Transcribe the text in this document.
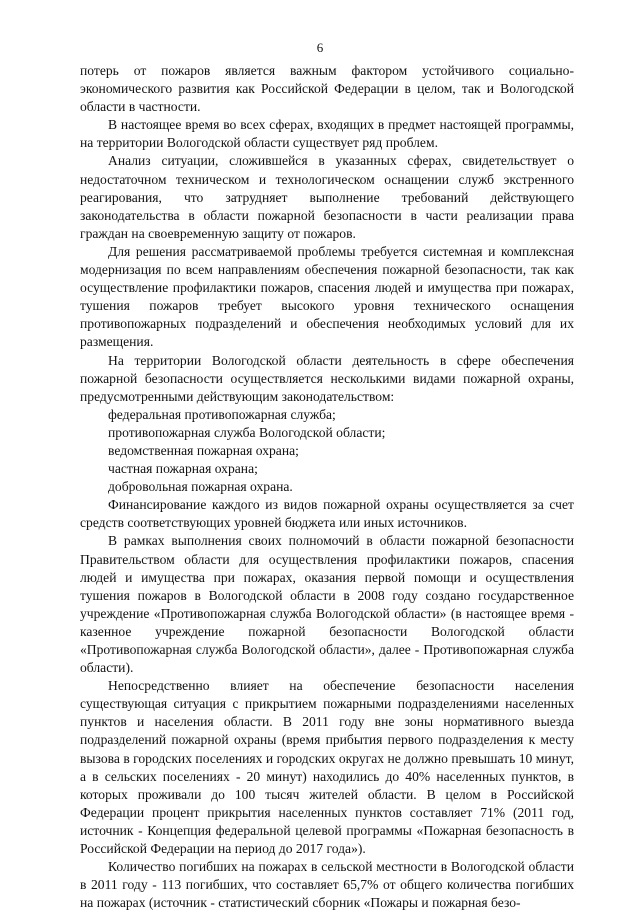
6

потерь от пожаров является важным фактором устойчивого социально-экономического развития как Российской Федерации в целом, так и Вологодской области в частности.

В настоящее время во всех сферах, входящих в предмет настоящей программы, на территории Вологодской области существует ряд проблем.

Анализ ситуации, сложившейся в указанных сферах, свидетельствует о недостаточном техническом и технологическом оснащении служб экстренного реагирования, что затрудняет выполнение требований действующего законодательства в области пожарной безопасности в части реализации права граждан на своевременную защиту от пожаров.

Для решения рассматриваемой проблемы требуется системная и комплексная модернизация по всем направлениям обеспечения пожарной безопасности, так как осуществление профилактики пожаров, спасения людей и имущества при пожарах, тушения пожаров требует высокого уровня технического оснащения противопожарных подразделений и обеспечения необходимых условий для их размещения.

На территории Вологодской области деятельность в сфере обеспечения пожарной безопасности осуществляется несколькими видами пожарной охраны, предусмотренными действующим законодательством:

федеральная противопожарная служба;

противопожарная служба Вологодской области;

ведомственная пожарная охрана;

частная пожарная охрана;

добровольная пожарная охрана.

Финансирование каждого из видов пожарной охраны осуществляется за счет средств соответствующих уровней бюджета или иных источников.

В рамках выполнения своих полномочий в области пожарной безопасности Правительством области для осуществления профилактики пожаров, спасения людей и имущества при пожарах, оказания первой помощи и осуществления тушения пожаров в Вологодской области в 2008 году создано государственное учреждение «Противопожарная служба Вологодской области» (в настоящее время - казенное учреждение пожарной безопасности Вологодской области «Противопожарная служба Вологодской области», далее - Противопожарная служба области).

Непосредственно влияет на обеспечение безопасности населения существующая ситуация с прикрытием пожарными подразделениями населенных пунктов и населения области. В 2011 году вне зоны нормативного выезда подразделений пожарной охраны (время прибытия первого подразделения к месту вызова в городских поселениях и городских округах не должно превышать 10 минут, а в сельских поселениях - 20 минут) находились до 40% населенных пунктов, в которых проживали до 100 тысяч жителей области. В целом в Российской Федерации процент прикрытия населенных пунктов составляет 71% (2011 год, источник - Концепция федеральной целевой программы «Пожарная безопасность в Российской Федерации на период до 2017 года»).

Количество погибших на пожарах в сельской местности в Вологодской области в 2011 году - 113 погибших, что составляет 65,7% от общего количества погибших на пожарах (источник - статистический сборник «Пожары и пожарная безо-
